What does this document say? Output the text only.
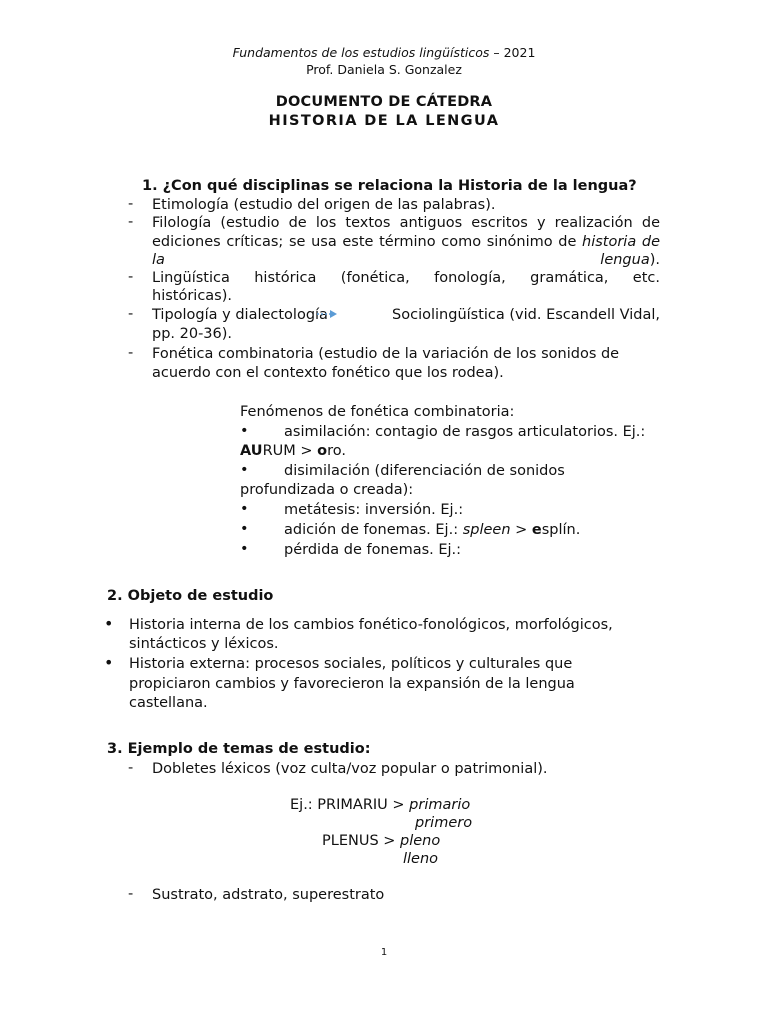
Fundamentos de los estudios lingüísticos – 2021
Prof. Daniela S. Gonzalez
DOCUMENTO DE CÁTEDRA
HISTORIA DE LA LENGUA
1. ¿Con qué disciplinas se relaciona la Historia de la lengua?
- Etimología (estudio del origen de las palabras).
- Filología (estudio de los textos antiguos escritos y realización de ediciones críticas; se usa este término como sinónimo de historia de la lengua).
- Lingüística histórica (fonética, fonología, gramática, etc.
históricas).
- Tipología y dialectología	Sociolingüística (vid. Escandell Vidal,
pp. 20-36).
- Fonética combinatoria (estudio de la variación de los sonidos de
acuerdo con el contexto fonético que los rodea).
Fenómenos de fonética combinatoria:
• asimilación: contagio de rasgos articulatorios. Ej.:
AURUM > oro.
• disimilación (diferenciación de sonidos
profundizada o creada):
• metátesis: inversión. Ej.:
• adición de fonemas. Ej.: spleen > esplín.
• pérdida de fonemas. Ej.:
2. Objeto de estudio
• Historia interna de los cambios fonético-fonológicos, morfológicos,
sintácticos y léxicos.
• Historia externa: procesos sociales, políticos y culturales que
propiciaron cambios y favorecieron la expansión de la lengua
castellana.
3. Ejemplo de temas de estudio:
- Dobletes léxicos (voz culta/voz popular o patrimonial).
Ej.: PRIMARIU > primario
primero
PLENUS > pleno
lleno
- Sustrato, adstrato, superestrato
1
